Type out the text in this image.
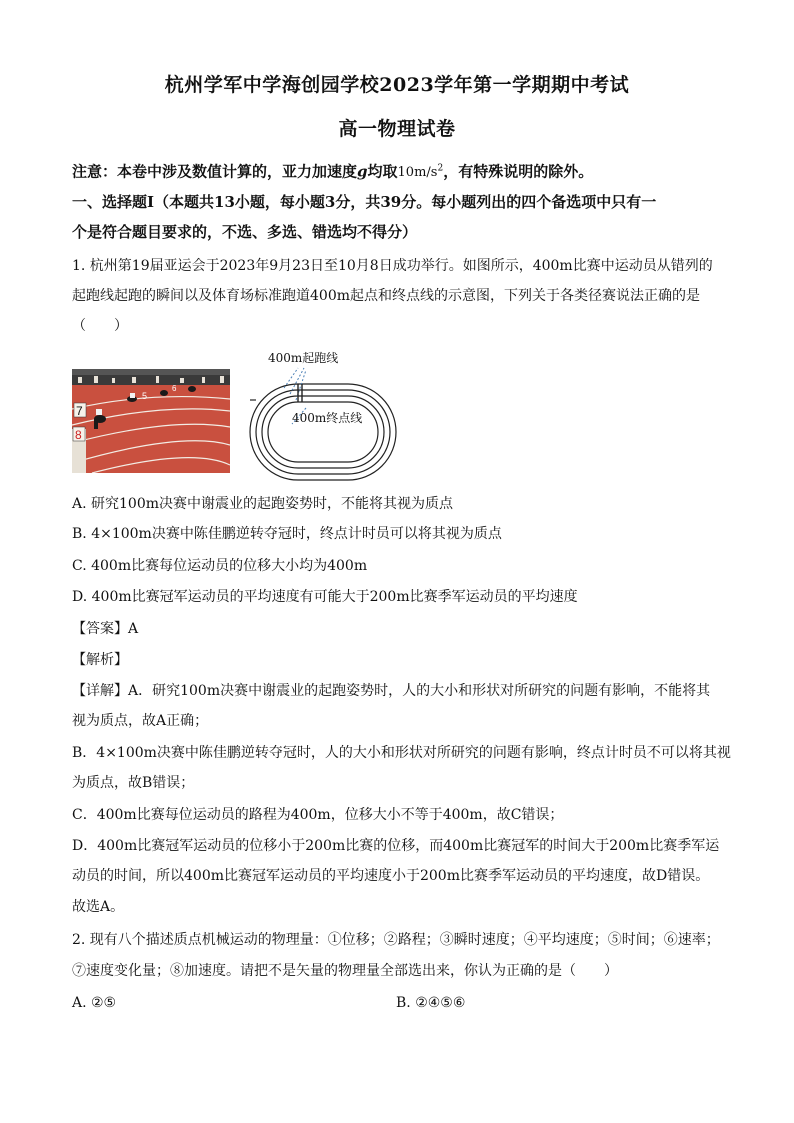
杭州学军中学海创园学校2023学年第一学期期中考试
高一物理试卷
注意：本卷中涉及数值计算的，亚力加速度g均取$10m/s^2$，有特殊说明的除外。
一、选择题Ⅰ（本题共13小题，每小题3分，共39分。每小题列出的四个备选项中只有一
个是符合题目要求的，不选、多选、错选均不得分）
1. 杭州第19届亚运会于2023年9月23日至10月8日成功举行。如图所示，400m比赛中运动员从错列的
起跑线起跑的瞬间以及体育场标准跑道400m起点和终点线的示意图，下列关于各类径赛说法正确的是
（　　）
7
8
5
6
400m起跑线
400m终点线
A. 研究100m决赛中谢震业的起跑姿势时，不能将其视为质点
B. 4×100m决赛中陈佳鹏逆转夺冠时，终点计时员可以将其视为质点
C. 400m比赛每位运动员的位移大小均为400m
D. 400m比赛冠军运动员的平均速度有可能大于200m比赛季军运动员的平均速度
【答案】A
【解析】
【详解】A．研究100m决赛中谢震业的起跑姿势时，人的大小和形状对所研究的问题有影响，不能将其
视为质点，故A正确；
B．4×100m决赛中陈佳鹏逆转夺冠时，人的大小和形状对所研究的问题有影响，终点计时员不可以将其视
为质点，故B错误；
C．400m比赛每位运动员的路程为400m，位移大小不等于400m，故C错误；
D．400m比赛冠军运动员的位移小于200m比赛的位移，而400m比赛冠军的时间大于200m比赛季军运
动员的时间，所以400m比赛冠军运动员的平均速度小于200m比赛季军运动员的平均速度，故D错误。
故选A。
2. 现有八个描述质点机械运动的物理量：①位移；②路程；③瞬时速度；④平均速度；⑤时间；⑥速率；
⑦速度变化量；⑧加速度。请把不是矢量的物理量全部选出来，你认为正确的是（　　）
A. ②⑤	B. ②④⑤⑥
